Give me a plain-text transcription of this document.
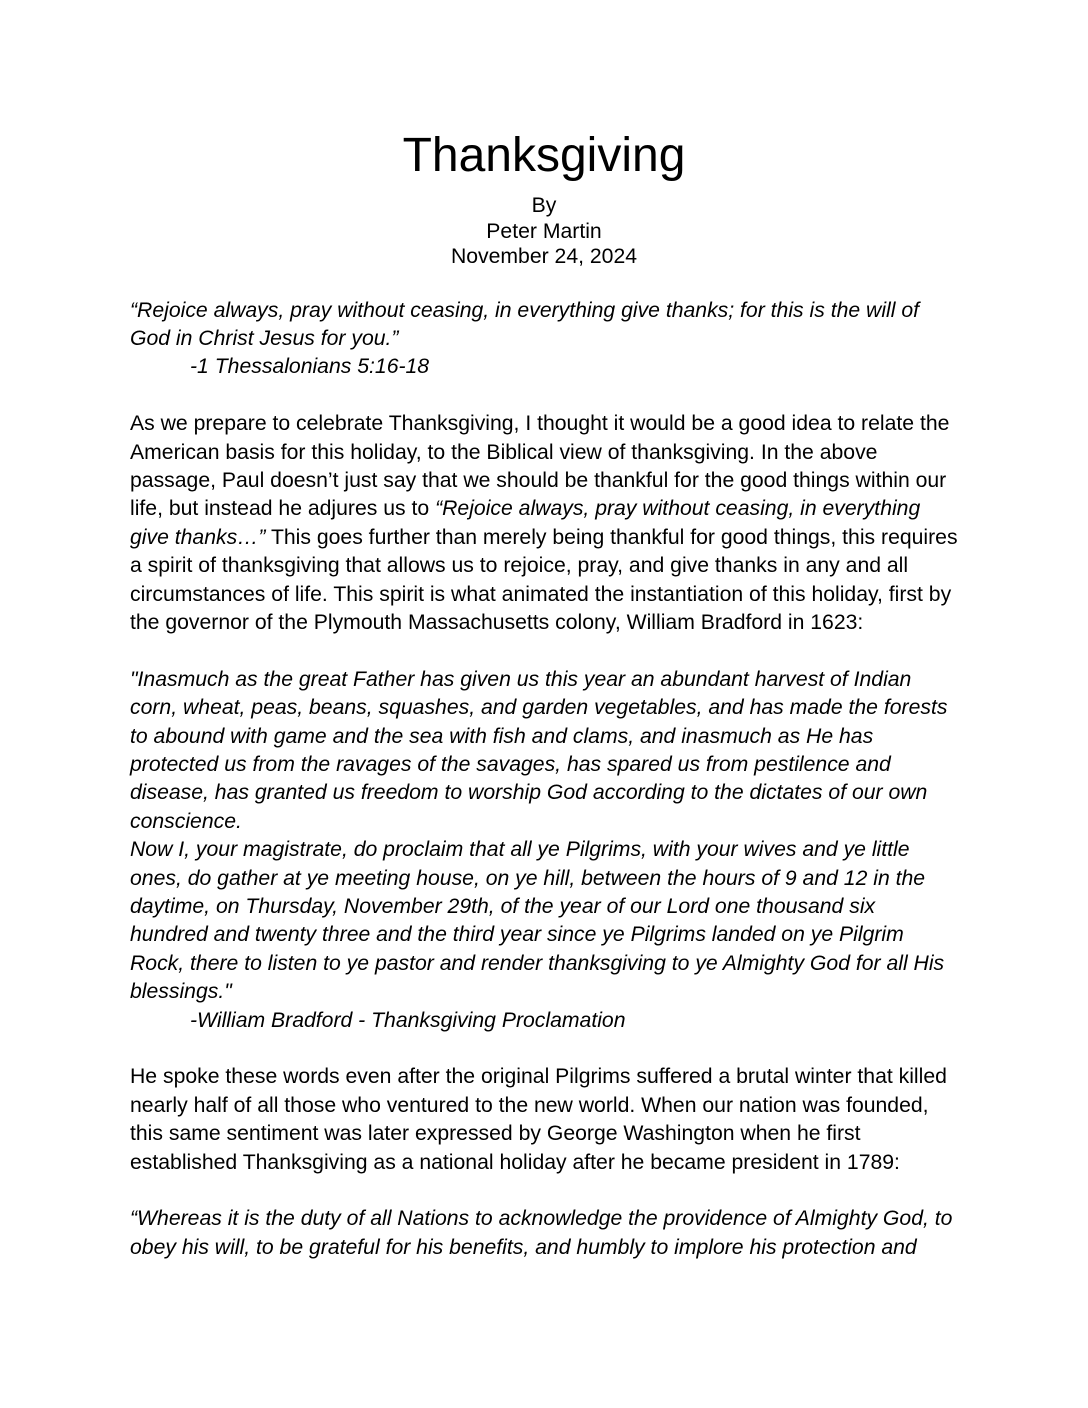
Thanksgiving
By
Peter Martin
November 24, 2024

“Rejoice always, pray without ceasing, in everything give thanks; for this is the will of God in Christ Jesus for you.”

-1 Thessalonians 5:16-18

As we prepare to celebrate Thanksgiving, I thought it would be a good idea to relate the American basis for this holiday, to the Biblical view of thanksgiving. In the above passage, Paul doesn’t just say that we should be thankful for the good things within our life, but instead he adjures us to “Rejoice always, pray without ceasing, in everything give thanks…” This goes further than merely being thankful for good things, this requires a spirit of thanksgiving that allows us to rejoice, pray, and give thanks in any and all circumstances of life. This spirit is what animated the instantiation of this holiday, first by the governor of the Plymouth Massachusetts colony, William Bradford in 1623:

"Inasmuch as the great Father has given us this year an abundant harvest of Indian corn, wheat, peas, beans, squashes, and garden vegetables, and has made the forests to abound with game and the sea with fish and clams, and inasmuch as He has protected us from the ravages of the savages, has spared us from pestilence and disease, has granted us freedom to worship God according to the dictates of our own conscience.

Now I, your magistrate, do proclaim that all ye Pilgrims, with your wives and ye little ones, do gather at ye meeting house, on ye hill, between the hours of 9 and 12 in the daytime, on Thursday, November 29th, of the year of our Lord one thousand six hundred and twenty three and the third year since ye Pilgrims landed on ye Pilgrim Rock, there to listen to ye pastor and render thanksgiving to ye Almighty God for all His blessings."

-William Bradford - Thanksgiving Proclamation

He spoke these words even after the original Pilgrims suffered a brutal winter that killed nearly half of all those who ventured to the new world. When our nation was founded, this same sentiment was later expressed by George Washington when he first established Thanksgiving as a national holiday after he became president in 1789:

“Whereas it is the duty of all Nations to acknowledge the providence of Almighty God, to obey his will, to be grateful for his benefits, and humbly to implore his protection and
